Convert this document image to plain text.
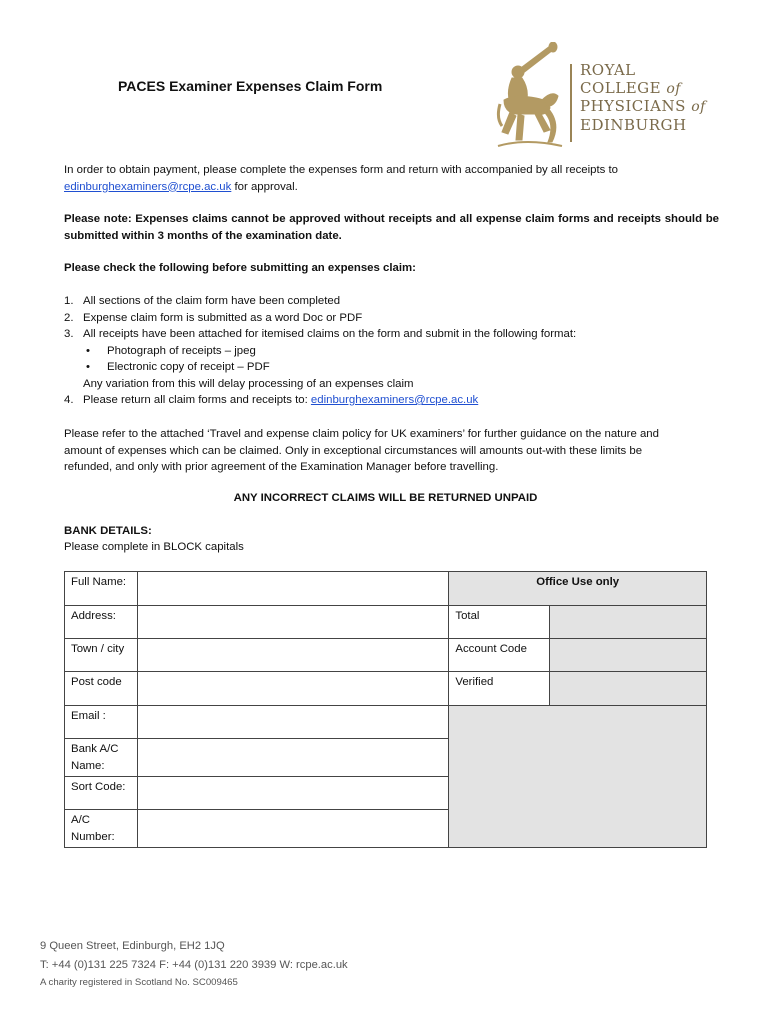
PACES Examiner Expenses Claim Form
ROYAL
COLLEGE of
PHYSICIANS of
EDINBURGH
In order to obtain payment, please complete the expenses form and return with accompanied by all receipts to
edinburghexaminers@rcpe.ac.uk for approval.
Please note: Expenses claims cannot be approved without receipts and all expense claim forms and receipts should be submitted within 3 months of the examination date.
Please check the following before submitting an expenses claim:
1. All sections of the claim form have been completed
2. Expense claim form is submitted as a word Doc or PDF
3. All receipts have been attached for itemised claims on the form and submit in the following format:
• Photograph of receipts – jpeg
• Electronic copy of receipt – PDF
Any variation from this will delay processing of an expenses claim
4. Please return all claim forms and receipts to: edinburghexaminers@rcpe.ac.uk
Please refer to the attached ‘Travel and expense claim policy for UK examiners’ for further guidance on the nature and amount of expenses which can be claimed. Only in exceptional circumstances will amounts out-with these limits be refunded, and only with prior agreement of the Examination Manager before travelling.
ANY INCORRECT CLAIMS WILL BE RETURNED UNPAID
BANK DETAILS:
Please complete in BLOCK capitals
Full Name:		Office Use only	
Address:		Total	
Town / city		Account Code	
Post code		Verified	
Email :			
Bank A/C Name:			
Sort Code:			
A/C Number:			
9 Queen Street, Edinburgh, EH2 1JQ
T: +44 (0)131 225 7324 F: +44 (0)131 220 3939 W: rcpe.ac.uk
A charity registered in Scotland No. SC009465
